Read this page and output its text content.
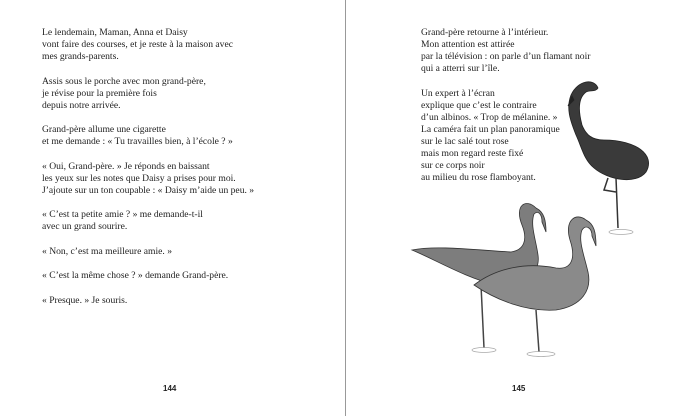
Le lendemain, Maman, Anna et Daisy
vont faire des courses, et je reste à la maison avec
mes grands-parents.
Assis sous le porche avec mon grand-père,
je révise pour la première fois
depuis notre arrivée.
Grand-père allume une cigarette
et me demande : « Tu travailles bien, à l’école ? »
« Oui, Grand-père. » Je réponds en baissant
les yeux sur les notes que Daisy a prises pour moi.
J’ajoute sur un ton coupable : « Daisy m’aide un peu. »
« C’est ta petite amie ? » me demande-t-il
avec un grand sourire.
« Non, c’est ma meilleure amie. »
« C’est la même chose ? » demande Grand-père.
« Presque. » Je souris.
144
Grand-père retourne à l’intérieur.
Mon attention est attirée
par la télévision : on parle d’un flamant noir
qui a atterri sur l’île.
Un expert à l’écran
explique que c’est le contraire
d’un albinos. « Trop de mélanine. »
La caméra fait un plan panoramique
sur le lac salé tout rose
mais mon regard reste fixé
sur ce corps noir
au milieu du rose flamboyant.
145
